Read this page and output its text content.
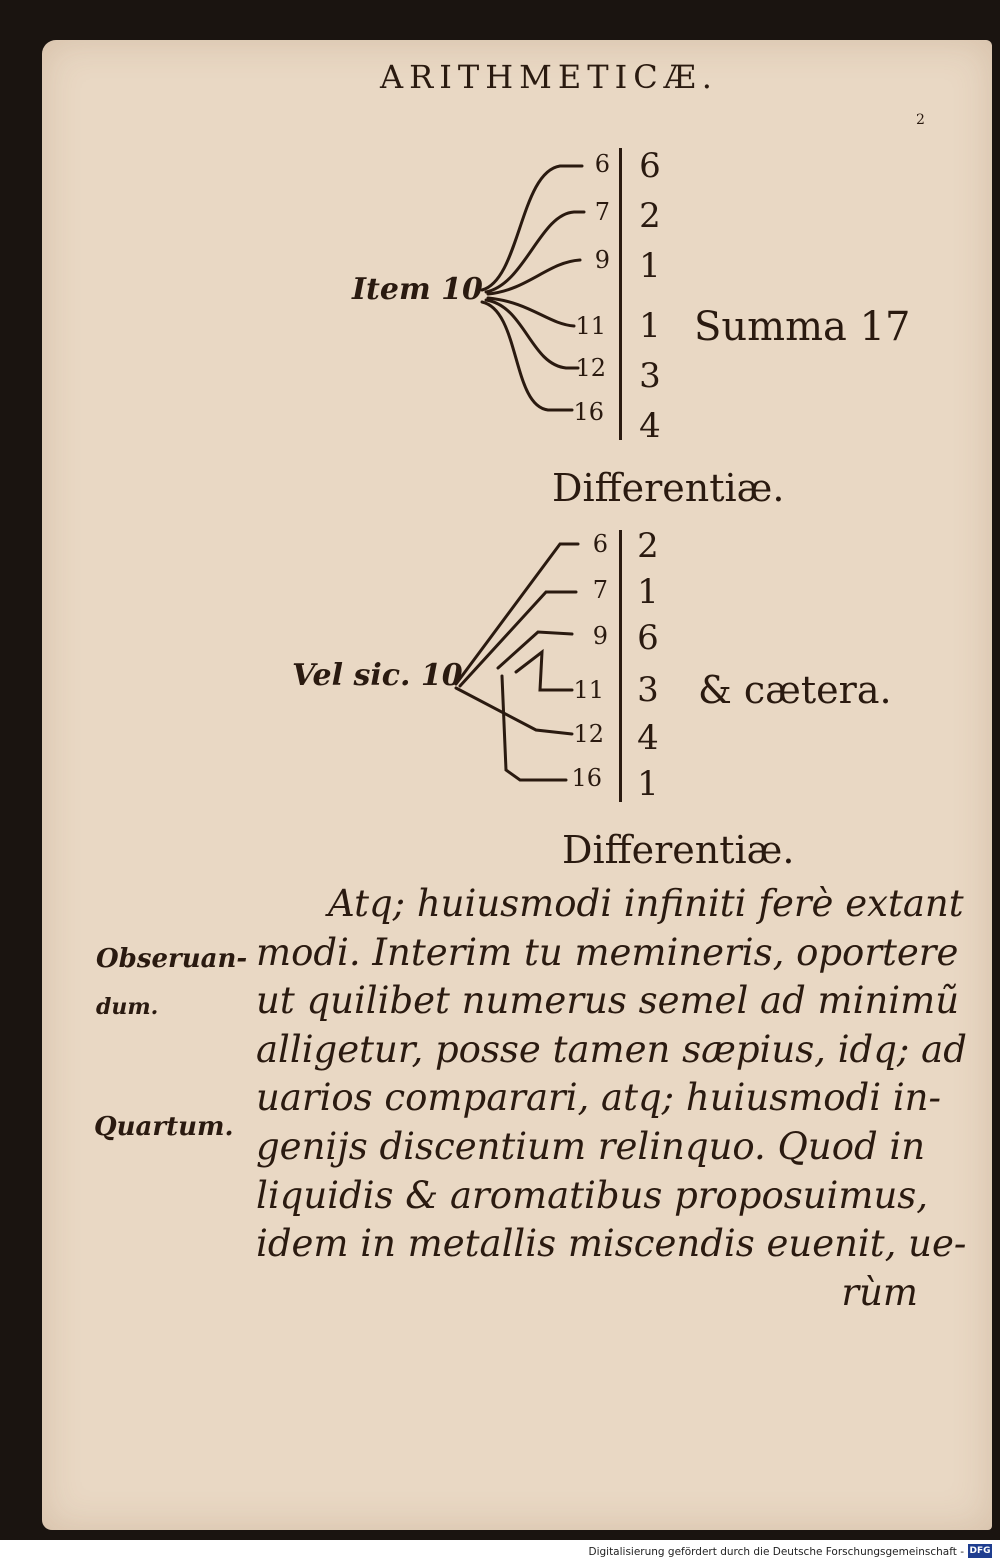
ARITHMETICÆ.
2
Item 10
6
7
9
11
12
16
6
2
1
1
3
4
Summa 17
Differentiæ.
Vel sic. 10
6
7
9
11
12
16
2
1
6
3
4
1
& cætera.
Differentiæ.
Atq; huiusmodi infiniti ferè extant
modi. Interim tu memineris, oportere
ut quilibet numerus semel ad minimũ
alligetur, posse tamen sæpius, idq; ad
uarios comparari, atq; huiusmodi in-
genijs discentium relinquo. Quod in
liquidis & aromatibus proposuimus,
idem in metallis miscendis euenit, ue-
rùm
Obseruan-
dum.
Quartum.
Digitalisierung gefördert durch die Deutsche Forschungsgemeinschaft - DFG
